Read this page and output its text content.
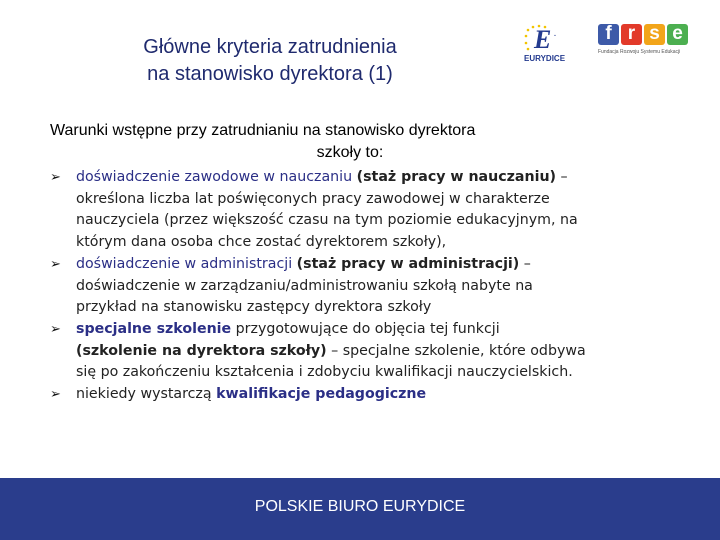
Główne kryteria zatrudnienia
na stanowisko dyrektora (1)
E ·
EURYDICE
f r s e
Fundacja Rozwoju Systemu Edukacji
Warunki wstępne przy zatrudnianiu na stanowisko dyrektora
szkoły to:
➢	doświadczenie zawodowe w nauczaniu (staż pracy w nauczaniu) –
określona liczba lat poświęconych pracy zawodowej w charakterze
nauczyciela (przez większość czasu na tym poziomie edukacyjnym, na
którym dana osoba chce zostać dyrektorem szkoły),
➢	doświadczenie w administracji (staż pracy w administracji) –
doświadczenie w zarządzaniu/administrowaniu szkołą nabyte na
przykład na stanowisku zastępcy dyrektora szkoły
➢	specjalne szkolenie przygotowujące do objęcia tej funkcji
(szkolenie na dyrektora szkoły) – specjalne szkolenie, które odbywa
się po zakończeniu kształcenia i zdobyciu kwalifikacji nauczycielskich.
➢	niekiedy wystarczą kwalifikacje pedagogiczne
POLSKIE BIURO EURYDICE
